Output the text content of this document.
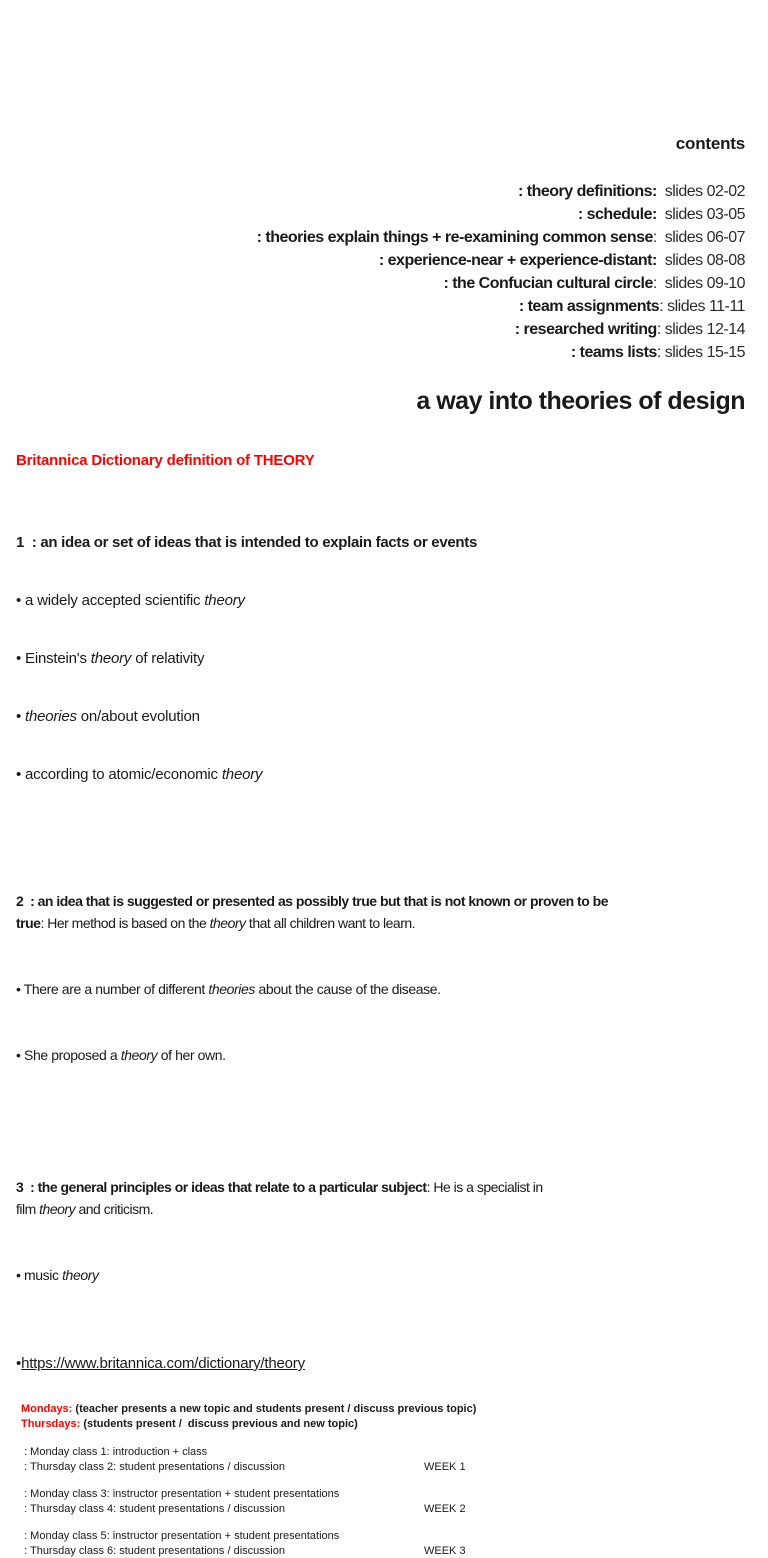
contents
: theory definitions:  slides 02-02
: schedule:  slides 03-05
: theories explain things + re-examining common sense:  slides 06-07
: experience-near + experience-distant:  slides 08-08
: the Confucian cultural circle:  slides 09-10
: team assignments: slides 11-11
: researched writing: slides 12-14
: teams lists: slides 15-15
a way into theories of design
Britannica Dictionary definition of THEORY

1  : an idea or set of ideas that is intended to explain facts or events

• a widely accepted scientific theory

• Einstein's theory of relativity

• theories on/about evolution

• according to atomic/economic theory

2  : an idea that is suggested or presented as possibly true but that is not known or proven to be
true: Her method is based on the theory that all children want to learn.

• There are a number of different theories about the cause of the disease.

• She proposed a theory of her own.

3  : the general principles or ideas that relate to a particular subject: He is a specialist in
film theory and criticism.

• music theory

•https://www.britannica.com/dictionary/theory
Mondays: (teacher presents a new topic and students present / discuss previous topic)
Thursdays: (students present /  discuss previous and new topic)
: Monday class 1: introduction + class
: Thursday class 2: student presentations / discussion	WEEK 1
: Monday class 3: instructor presentation + student presentations
: Thursday class 4: student presentations / discussion	WEEK 2
: Monday class 5: instructor presentation + student presentations
: Thursday class 6: student presentations / discussion	WEEK 3
